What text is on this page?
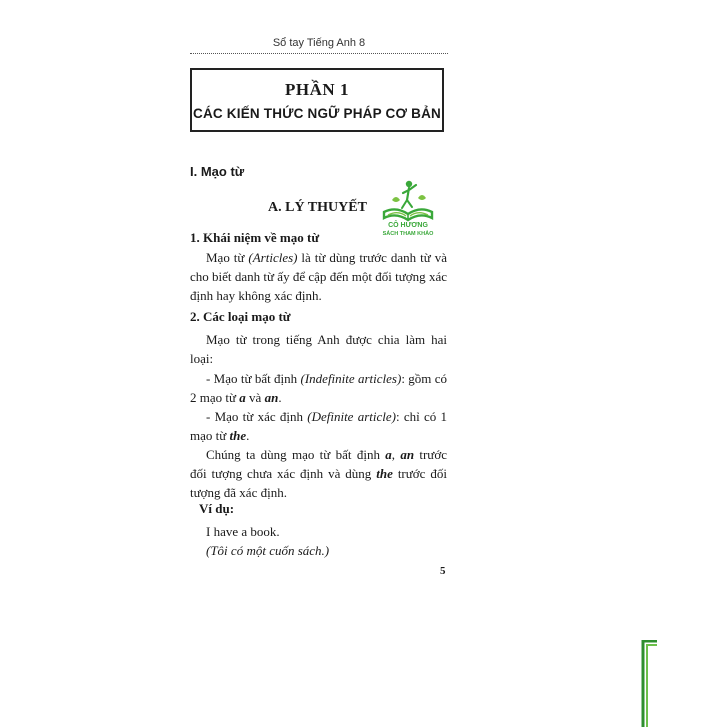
Sổ tay Tiếng Anh 8
PHẦN 1
CÁC KIẾN THỨC NGỮ PHÁP CƠ BẢN
I. Mạo từ
A. LÝ THUYẾT
CÔ HƯƠNG
SÁCH THAM KHẢO
1. Khái niệm về mạo từ
Mạo từ (Articles) là từ dùng trước danh từ và cho biết danh từ ấy để cập đến một đối tượng xác định hay không xác định.
2. Các loại mạo từ
Mạo từ trong tiếng Anh được chia làm hai loại:
- Mạo từ bất định (Indefinite articles): gồm có 2 mạo từ a và an.
- Mạo từ xác định (Definite article): chỉ có 1 mạo từ the.
Chúng ta dùng mạo từ bất định a, an trước đối tượng chưa xác định và dùng the trước đối tượng đã xác định.
Ví dụ:
I have a book.
(Tôi có một cuốn sách.)
5
